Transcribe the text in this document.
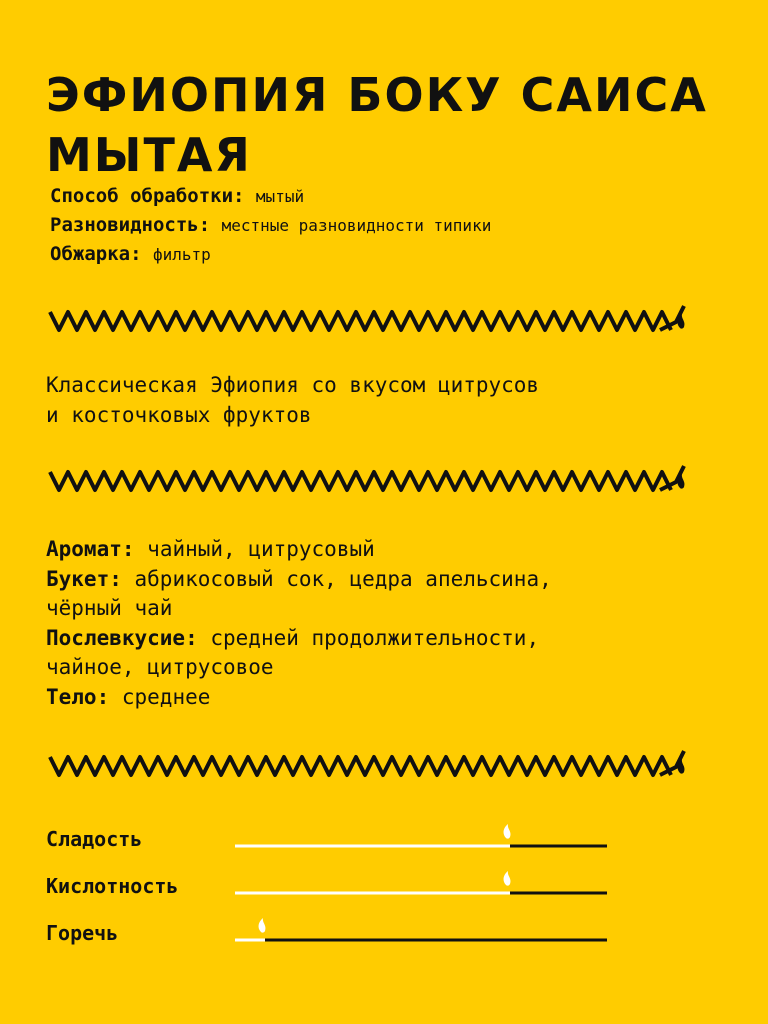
ЭФИОПИЯ БОКУ САИСА МЫТАЯ
Способ обработки: мытый
Разновидность: местные разновидности типики
Обжарка: фильтр
Классическая Эфиопия со вкусом цитрусов
и косточковых фруктов
Аромат: чайный, цитрусовый
Букет: абрикосовый сок, цедра апельсина,
чёрный чай
Послевкусие: средней продолжительности,
чайное, цитрусовое
Тело: среднее
Сладость
Кислотность
Горечь
